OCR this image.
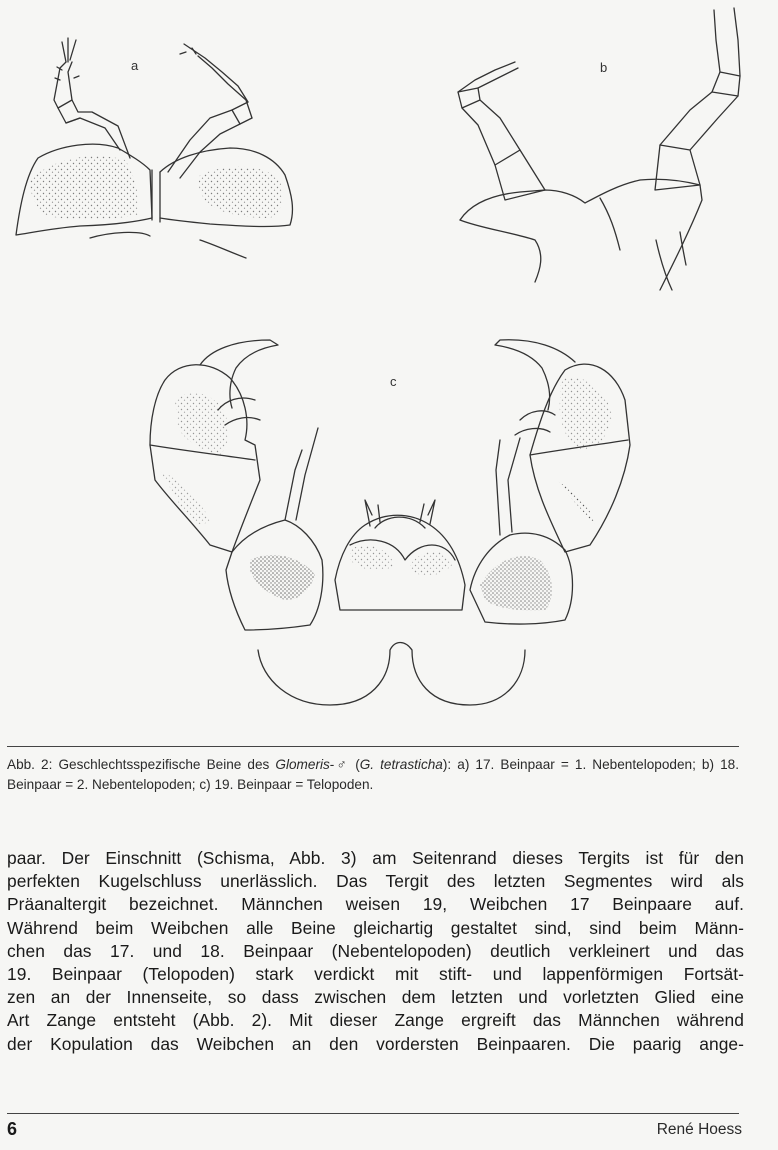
a	b
c
Abb. 2: Geschlechtsspezifische Beine des Glomeris-♂ (G. tetrasticha): a) 17. Beinpaar = 1. Nebentelopoden; b) 18. Beinpaar = 2. Nebentelopoden; c) 19. Beinpaar = Telopoden.
paar. Der Einschnitt (Schisma, Abb. 3) am Seitenrand dieses Tergits ist für den
perfekten Kugelschluss unerlässlich. Das Tergit des letzten Segmentes wird als
Präanaltergit bezeichnet. Männchen weisen 19, Weibchen 17 Beinpaare auf.
Während beim Weibchen alle Beine gleichartig gestaltet sind, sind beim Männ-
chen das 17. und 18. Beinpaar (Nebentelopoden) deutlich verkleinert und das
19. Beinpaar (Telopoden) stark verdickt mit stift- und lappenförmigen Fortsät-
zen an der Innenseite, so dass zwischen dem letzten und vorletzten Glied eine
Art Zange entsteht (Abb. 2). Mit dieser Zange ergreift das Männchen während
der Kopulation das Weibchen an den vordersten Beinpaaren. Die paarig ange-
6	René Hoess
